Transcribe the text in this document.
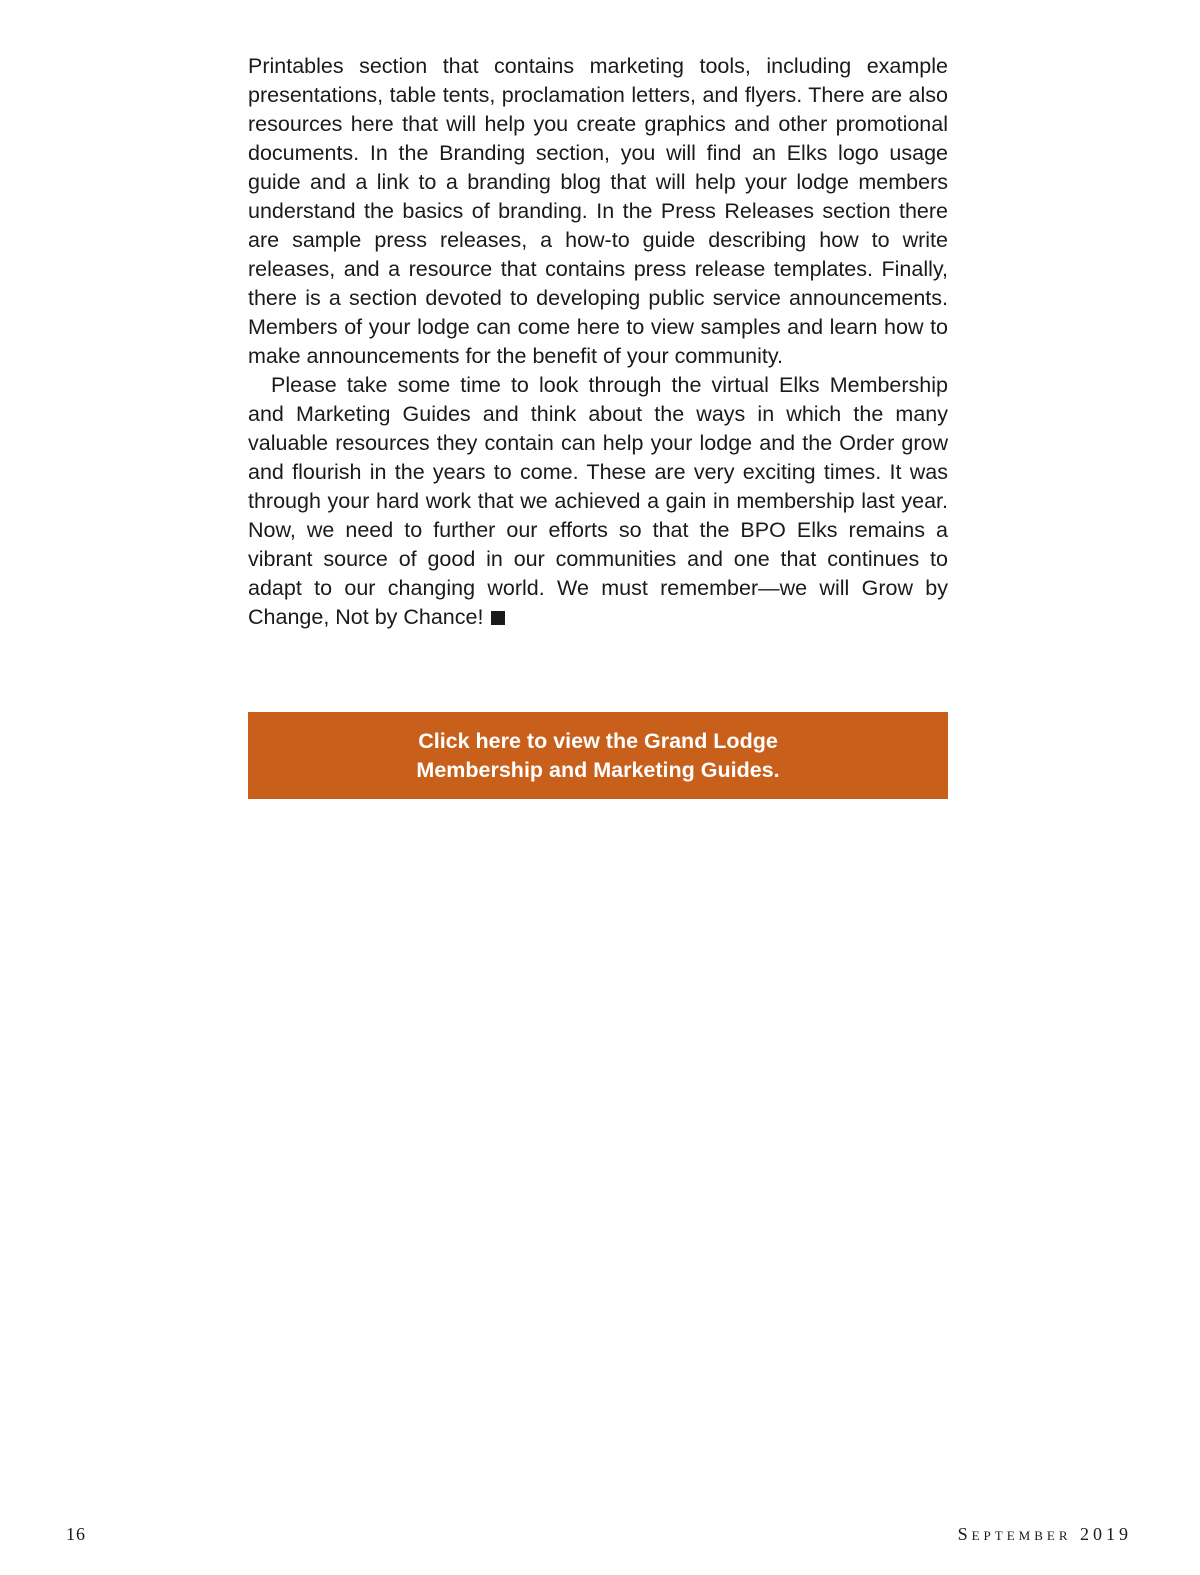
Printables section that contains marketing tools, including example presentations, table tents, proclamation letters, and flyers. There are also resources here that will help you create graphics and other promotional documents. In the Branding section, you will find an Elks logo usage guide and a link to a branding blog that will help your lodge members understand the basics of branding. In the Press Releases section there are sample press releases, a how-to guide describing how to write releases, and a resource that contains press release templates. Finally, there is a section devoted to developing public service announcements. Members of your lodge can come here to view samples and learn how to make announcements for the benefit of your community.

Please take some time to look through the virtual Elks Membership and Marketing Guides and think about the ways in which the many valuable resources they contain can help your lodge and the Order grow and flourish in the years to come. These are very exciting times. It was through your hard work that we achieved a gain in membership last year. Now, we need to further our efforts so that the BPO Elks remains a vibrant source of good in our communities and one that continues to adapt to our changing world. We must remember—we will Grow by Change, Not by Chance!

Click here to view the Grand Lodge
Membership and Marketing Guides.
16	September 2019
